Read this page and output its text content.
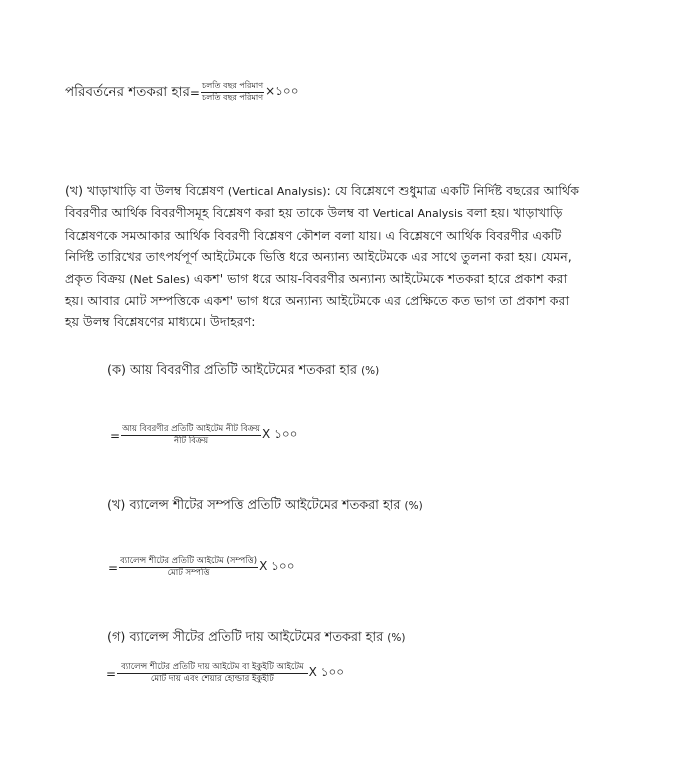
পরিবর্তনের শতকরা হার = $\frac{\text{চলতি বছর পরিমাণ}}{\text{চলতি বছর পরিমাণ}}$ ×১০০
(খ) খাড়াখাড়ি বা উলম্ব বিশ্লেষণ (Vertical Analysis): যে বিশ্লেষণে শুধুমাত্র একটি নির্দিষ্ট বছরের আর্থিক
বিবরণীর আর্থিক বিবরণীসমূহ বিশ্লেষণ করা হয় তাকে উলম্ব বা Vertical Analysis বলা হয়। খাড়াখাড়ি
বিশ্লেষণকে সমআকার আর্থিক বিবরণী বিশ্লেষণ কৌশল বলা যায়। এ বিশ্লেষণে আর্থিক বিবরণীর একটি
নির্দিষ্ট তারিখের তাৎপর্যপূর্ণ আইটেমকে ভিত্তি ধরে অন্যান্য আইটেমকে এর সাথে তুলনা করা হয়। যেমন,
প্রকৃত বিক্রয় (Net Sales) একশ' ভাগ ধরে আয়-বিবরণীর অন্যান্য আইটেমকে শতকরা হারে প্রকাশ করা
হয়। আবার মোট সম্পত্তিকে একশ' ভাগ ধরে অন্যান্য আইটেমকে এর প্রেক্ষিতে কত ভাগ তা প্রকাশ করা
হয় উলম্ব বিশ্লেষণের মাধ্যমে। উদাহরণ:
(ক) আয় বিবরণীর প্রতিটি আইটেমের শতকরা হার (%)
= $\frac{\text{আয় বিবরণীর প্রতিটি আইটেম নীট বিক্রয়}}{\text{নীট বিক্রয়}}$ X ১০০
(খ) ব্যালেন্স শীটের সম্পত্তি প্রতিটি আইটেমের শতকরা হার (%)
= $\frac{\text{ব্যালেন্স শীটের প্রতিটি আইটেম (সম্পত্তি)}}{\text{মোট সম্পত্তি}}$ X ১০০
(গ) ব্যালেন্স সীটের প্রতিটি দায় আইটেমের শতকরা হার (%)
= $\frac{\text{ব্যালেন্স শীটের প্রতিটি দায় আইটেম বা ইকুইটি আইটেম}}{\text{মোট দায় এবং শেয়ার হোল্ডার ইকুইটি}}$ X ১০০
